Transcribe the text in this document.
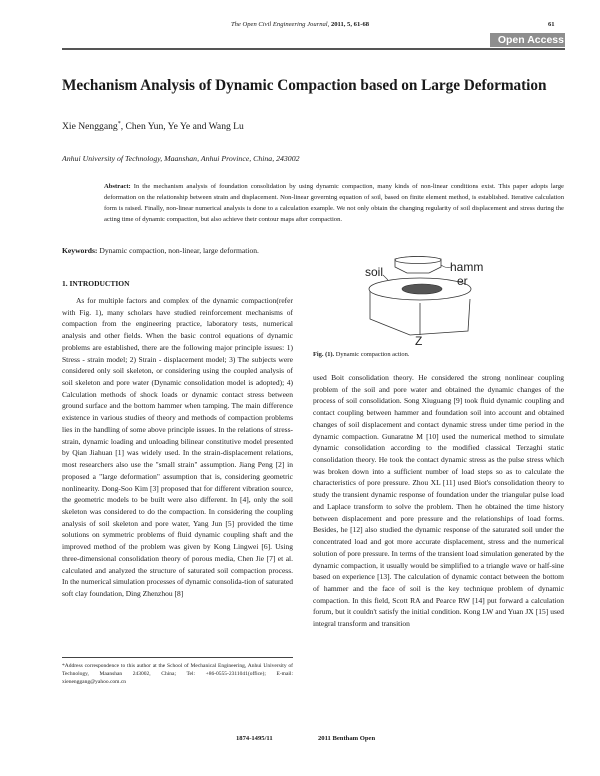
The Open Civil Engineering Journal, 2011, 5, 61-68	61
Open Access
Mechanism Analysis of Dynamic Compaction based on Large Deformation
Xie Nenggang*, Chen Yun, Ye Ye and Wang Lu
Anhui University of Technology, Maanshan, Anhui Province, China, 243002
Abstract: In the mechanism analysis of foundation consolidation by using dynamic compaction, many kinds of non-linear conditions exist. This paper adopts large deformation on the relationship between strain and displacement. Non-linear governing equation of soil, based on finite element method, is established. Iterative calculation form is raised. Finally, non-linear numerical analysis is done to a calculation example. We not only obtain the changing regularity of soil displacement and stress during the acting time of dynamic compaction, but also achieve their contour maps after compaction.
Keywords: Dynamic compaction, non-linear, large deformation.
1. INTRODUCTION
As for multiple factors and complex of the dynamic compaction(refer with Fig. 1), many scholars have studied reinforcement mechanisms of compaction from the engineering practice, laboratory tests, numerical analysis and other fields. When the basic control equations of dynamic problems are established, there are the following major principle issues: 1) Stress - strain model; 2) Strain - displacement model; 3) The subjects were considered only soil skeleton, or considering using the coupled analysis of soil skeleton and pore water (Dynamic consolidation model is adopted); 4) Calculation methods of shock loads or dynamic contact stress between ground surface and the bottom hammer when tamping. The main difference existence in various studies of theory and methods of compaction problems lies in the handling of some above principle issues. In the relations of stress-strain, dynamic loading and unloading bilinear constitutive model presented by Qian Jiahuan [1] was widely used. In the strain-displacement relations, most researchers also use the "small strain" assumption. Jiang Peng [2] in proposed a "large deformation" assumption that is, considering geometric nonlinearity. Dong-Soo Kim [3] proposed that for different vibration source, the geometric models to be built were also different. In [4], only the soil skeleton was considered to do the compaction. In considering the coupling analysis of soil skeleton and pore water, Yang Jun [5] provided the time solutions on symmetric problems of fluid dynamic coupling shaft and the improved method of the problem was given by Kong Lingwei [6]. Using three-dimensional consolidation theory of porous media, Chen Jie [7] et al. calculated and analyzed the structure of saturated soil compaction process. In the numerical simulation processes of dynamic consolida-tion of saturated soft clay foundation, Ding Zhenzhou [8]
soil	hamm
er
Z
Fig. (1). Dynamic compaction action.
used Boit consolidation theory. He considered the strong nonlinear coupling problem of the soil and pore water and obtained the dynamic changes of the process of soil consolidation. Song Xiuguang [9] took fluid dynamic coupling and contact coupling between hammer and foundation soil into account and obtained changes of soil displacement and contact dynamic stress under time period in the dynamic compaction. Gunaratne M [10] used the numerical method to simulate dynamic consolidation according to the modified classical Terzaghi static consolidation theory. He took the contact dynamic stress as the pulse stress which was broken down into a sufficient number of load steps so as to calculate the characteristics of pore pressure. Zhou XL [11] used Biot's consolidation theory to study the transient dynamic response of foundation under the triangular pulse load and Laplace transform to solve the problem. Then he obtained the time history between displacement and pore pressure and the relationships of load forms. Besides, he [12] also studied the dynamic response of the saturated soil under the concentrated load and got more accurate displacement, stress and the numerical solution of pore pressure. In terms of the transient load simulation generated by the dynamic compaction, it usually would be simplified to a triangle wave or half-sine based on experience [13]. The calculation of dynamic contact between the bottom of hammer and the face of soil is the key technique problem of dynamic compaction. In this field, Scott RA and Pearce RW [14] put forward a calculation forum, but it couldn't satisfy the initial condition. Kong LW and Yuan JX [15] used integral transform and transition
*Address correspondence to this author at the School of Mechanical Engineering, Anhui University of Technology, Maanshan 243002, China; Tel: +86-0555-2311041(office); E-mail: xienenggang@yahoo.com.cn
1874-1495/11	2011 Bentham Open
